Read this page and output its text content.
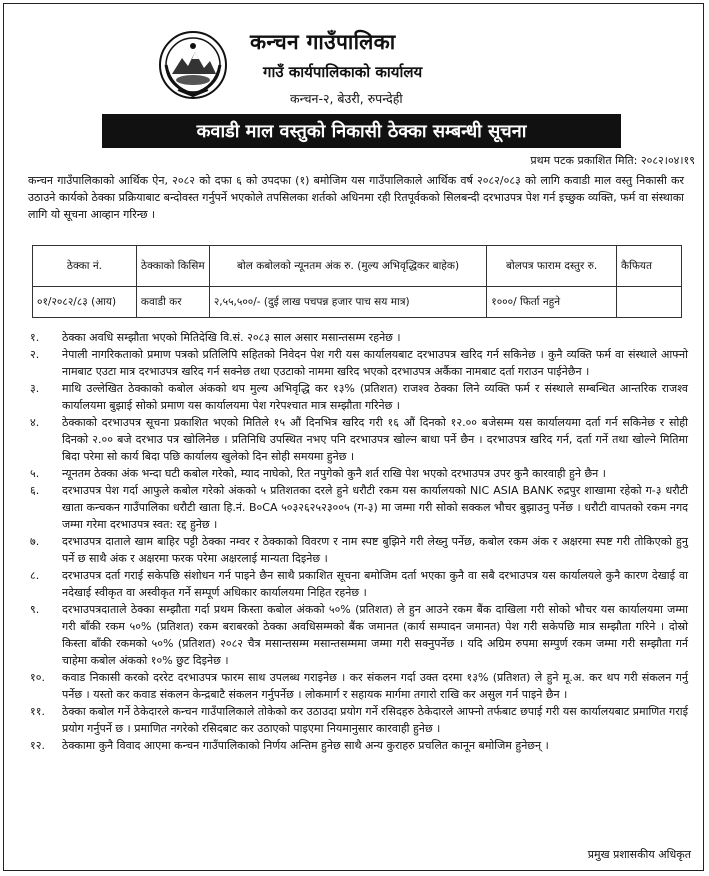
कन्चन गाउँपालिका
गाउँ कार्यपालिकाको कार्यालय
कन्चन-२, बेउरी, रुपन्देही
कवाडी माल वस्तुको निकासी ठेक्का सम्बन्धी सूचना
प्रथम पटक प्रकाशित मिति: २०८२।०४।१९
कन्चन गाउँपालिकाको आर्थिक ऐन, २०८२ को दफा ६ को उपदफा (१) बमोजिम यस गाउँपालिकाले आर्थिक वर्ष २०८२/०८३ को लागि कवाडी माल वस्तु निकासी कर उठाउने कार्यको ठेक्का प्रक्रियाबाट बन्दोवस्त गर्नुपर्ने भएकोले तपसिलका शर्तको अधिनमा रही रितपूर्वकको सिलबन्दी दरभाउपत्र पेश गर्न इच्छुक व्यक्ति, फर्म वा संस्थाका लागि यो सूचना आव्हान गरिन्छ ।
ठेक्का नं.	ठेक्काको किसिम	बोल कबोलको न्यूनतम अंक रु. (मुल्य अभिवृद्धिकर बाहेक)	बोलपत्र फाराम दस्तुर रु.	कैफियत
०१/२०८२/८३ (आय)	कवाडी कर	२,५५,५००/- (दुई लाख पचपन्न हजार पाच सय मात्र)	१०००/ फिर्ता नहुने	
१.	ठेक्का अवधि सम्झौता भएको मितिदेखि वि.सं. २०८३ साल असार मसान्तसम्म रहनेछ ।
२.	नेपाली नागरिकताको प्रमाण पत्रको प्रतिलिपि सहितको निवेदन पेश गरी यस कार्यालयबाट दरभाउपत्र खरिद गर्न सकिनेछ । कुनै व्यक्ति फर्म वा संस्थाले आफ्नो नामबाट एउटा मात्र दरभाउपत्र खरिद गर्न सक्नेछ तथा एउटाको नाममा खरिद भएको दरभाउपत्र अर्कैका नामबाट दर्ता गराउन पाईनेछैन ।
३.	माथि उल्लेखित ठेक्काको कबोल अंकको थप मुल्य अभिवृद्धि कर १३% (प्रतिशत) राजश्व ठेक्का लिने व्यक्ति फर्म र संस्थाले सम्बन्धित आन्तरिक राजश्व कार्यालयमा बुझाई सोको प्रमाण यस कार्यालयमा पेश गरेपश्चात मात्र सम्झौता गरिनेछ ।
४.	ठेक्काको दरभाउपत्र सूचना प्रकाशित भएको मितिले १५ औं दिनभित्र खरिद गरी १६ औं दिनको १२.०० बजेसम्म यस कार्यालयमा दर्ता गर्न सकिनेछ र सोही दिनको २.०० बजे दरभाउ पत्र खोलिनेछ । प्रतिनिधि उपस्थित नभए पनि दरभाउपत्र खोल्न बाधा पर्ने छैन । दरभाउपत्र खरिद गर्न, दर्ता गर्ने तथा खोल्ने मितिमा बिदा परेमा सो कार्य बिदा पछि कार्यालय खुलेको दिन सोही समयमा हुनेछ ।
५.	न्यूनतम ठेक्का अंक भन्दा घटी कबोल गरेको, म्याद नाघेको, रित नपुगेको कुनै शर्त राखि पेश भएको दरभाउपत्र उपर कुनै कारवाही हुने छैन ।
६.	दरभाउपत्र पेश गर्दा आफुले कबोल गरेको अंकको ५ प्रतिशतका दरले हुने धरौटी रकम यस कार्यालयको NIC ASIA BANK रुद्रपुर शाखामा रहेको ग-३ धरौटी खाता कन्चकन गाउँपालिका धरौटी खाता हि.नं. B०CA ५०३२६२५२३००५ (ग-३) मा जम्मा गरी सोको सक्कल भौचर बुझाउनु पर्नेछ । धरौटी वापतको रकम नगद जम्मा गरेमा दरभाउपत्र स्वत: रद्द हुनेछ ।
७.	दरभाउपत्र दाताले खाम बाहिर पट्टी ठेक्का नम्वर र ठेक्काको विवरण र नाम स्पष्ट बुझिने गरी लेख्नु पर्नेछ, कबोल रकम अंक र अक्षरमा स्पष्ट गरी तोकिएको हुनु पर्ने छ साथै अंक र अक्षरमा फरक परेमा अक्षरलाई मान्यता दिइनेछ ।
८.	दरभाउपत्र दर्ता गराई सकेपछि संशोधन गर्न पाइने छैन साथै प्रकाशित सूचना बमोजिम दर्ता भएका कुनै वा सबै दरभाउपत्र यस कार्यालयले कुनै कारण देखाई वा नदेखाई स्वीकृत वा अस्वीकृत गर्ने सम्पूर्ण अधिकार कार्यालयमा निहित रहनेछ ।
९.	दरभाउपत्रदाताले ठेक्का सम्झौता गर्दा प्रथम किस्ता कबोल अंकको ५०% (प्रतिशत) ले हुन आउने रकम बैंक दाखिला गरी सोको भौचर यस कार्यालयमा जम्मा गरी बाँकी रकम ५०% (प्रतिशत) रकम बराबरको ठेक्का अवधिसम्मको बैंक जमानत (कार्य सम्पादन जमानत) पेश गरी सकेपछि मात्र सम्झौता गरिने । दोस्रो किस्ता बाँकी रकमको ५०% (प्रतिशत) २०८२ चैत्र मसान्तसम्म मसान्तसम्ममा जम्मा गरी सक्नुपर्नेछ । यदि अग्रिम रुपमा सम्पुर्ण रकम जम्मा गरी सम्झौता गर्न चाहेमा कबोल अंकको १०% छुट दिइनेछ ।
१०.	कवाड निकासी करको दररेट दरभाउपत्र फारम साथ उपलब्ध गराइनेछ । कर संकलन गर्दा उक्त दरमा १३% (प्रतिशत) ले हुने मू.अ. कर थप गरी संकलन गर्नु पर्नेछ । यस्तो कर कवाड संकलन केन्द्रबाटै संकलन गर्नुपर्नेछ । लोकमार्ग र सहायक मार्गमा तगारो राखि कर असुल गर्न पाइने छैन ।
११.	ठेक्का कबोल गर्ने ठेकेदारले कन्चन गाउँपालिकाले तोकेको कर उठाउदा प्रयोग गर्ने रसिदहरु ठेकेदारले आफ्नो तर्फबाट छपाई गरी यस कार्यालयबाट प्रमाणित गराई प्रयोग गर्नुपर्ने छ । प्रमाणित नगरेको रसिदबाट कर उठाएको पाइएमा नियमानुसार कारवाही हुनेछ ।
१२.	ठेक्कामा कुनै विवाद आएमा कन्चन गाउँपालिकाको निर्णय अन्तिम हुनेछ साथै अन्य कुराहरु प्रचलित कानून बमोजिम हुनेछन् ।
प्रमुख प्रशासकीय अधिकृत
